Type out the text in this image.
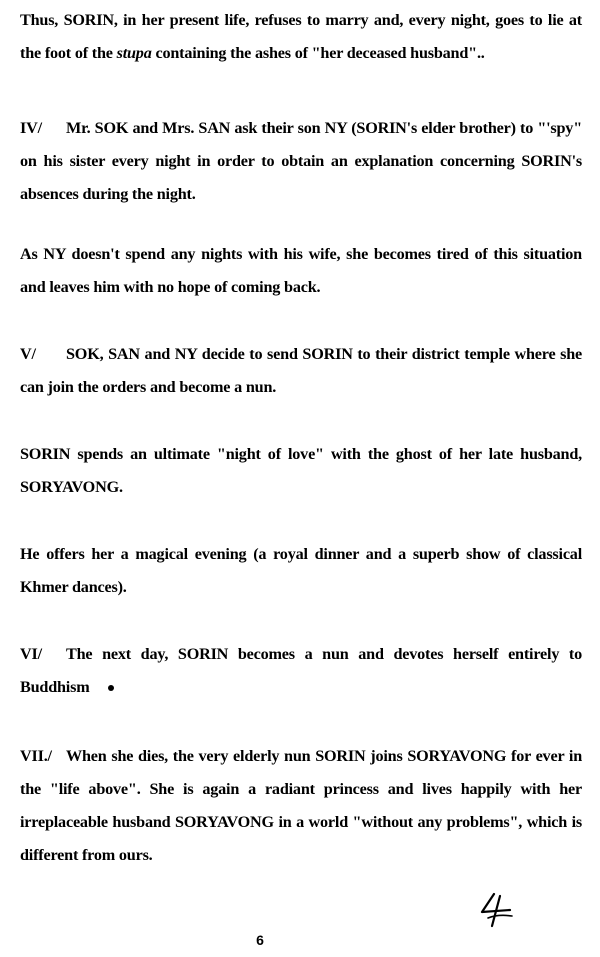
Thus, SORIN, in her present life, refuses to marry and, every night, goes to lie at the foot of the stupa containing the ashes of "her deceased husband"..

IV/ Mr. SOK and Mrs. SAN ask their son NY (SORIN's elder brother) to "'spy" on his sister every night in order to obtain an explanation concerning SORIN's absences during the night.

As NY doesn't spend any nights with his wife, she becomes tired of this situation and leaves him with no hope of coming back.

V/ SOK, SAN and NY decide to send SORIN to their district temple where she can join the orders and become a nun.

SORIN spends an ultimate "night of love" with the ghost of her late husband, SORYAVONG.

He offers her a magical evening (a royal dinner and a superb show of classical Khmer dances).

VI/ The next day, SORIN becomes a nun and devotes herself entirely to Buddhism

VII./ When she dies, the very elderly nun SORIN joins SORYAVONG for ever in the "life above". She is again a radiant princess and lives happily with her irreplaceable husband SORYAVONG in a world "without any problems", which is different from ours.

6
